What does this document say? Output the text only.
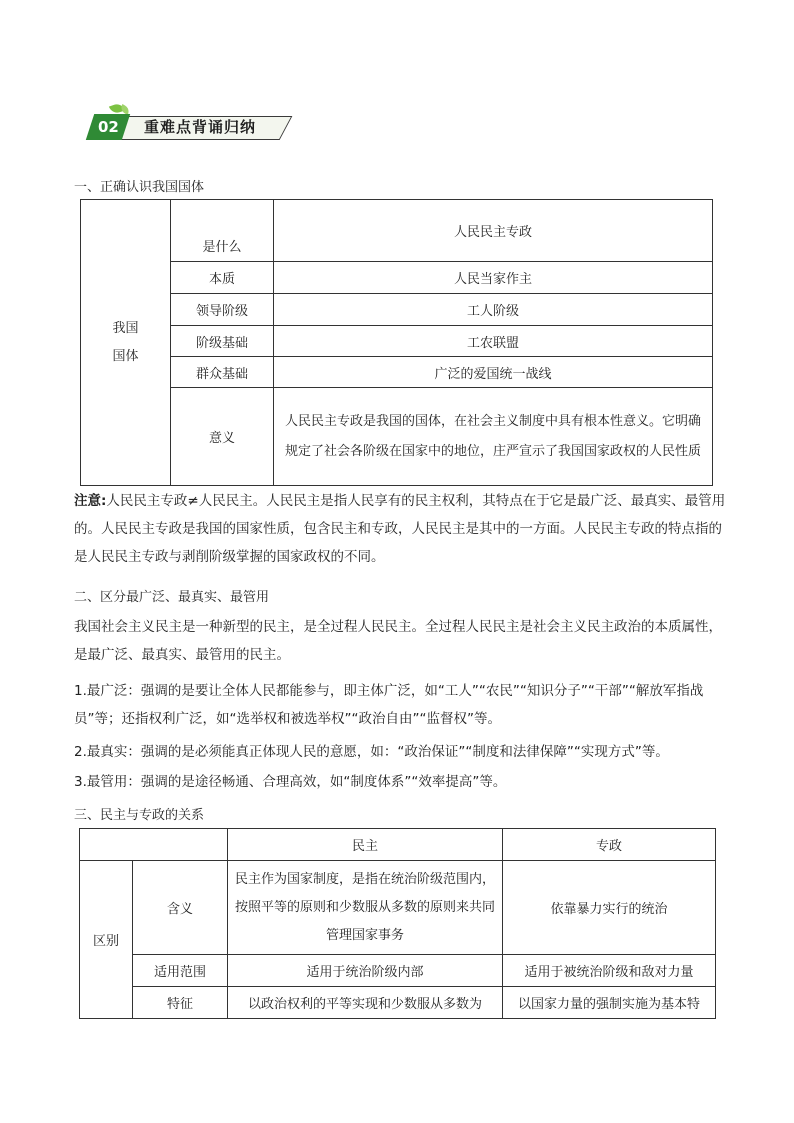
02	重难点背诵归纳
一、正确认识我国国体
我国
国体	是什么	人民民主专政
	本质	人民当家作主
	领导阶级	工人阶级
	阶级基础	工农联盟
	群众基础	广泛的爱国统一战线
	意义	人民民主专政是我国的国体，在社会主义制度中具有根本性意义。它明确规定了社会各阶级在国家中的地位，庄严宣示了我国国家政权的人民性质
注意:人民民主专政≠人民民主。人民民主是指人民享有的民主权利，其特点在于它是最广泛、最真实、最管用的。人民民主专政是我国的国家性质，包含民主和专政，人民民主是其中的一方面。人民民主专政的特点指的是人民民主专政与剥削阶级掌握的国家政权的不同。
二、区分最广泛、最真实、最管用
我国社会主义民主是一种新型的民主，是全过程人民民主。全过程人民民主是社会主义民主政治的本质属性，是最广泛、最真实、最管用的民主。
1.最广泛：强调的是要让全体人民都能参与，即主体广泛，如“工人”“农民”“知识分子”“干部”“解放军指战员”等；还指权利广泛，如“选举权和被选举权”“政治自由”“监督权”等。
2.最真实：强调的是必须能真正体现人民的意愿，如：“政治保证”“制度和法律保障”“实现方式”等。
3.最管用：强调的是途径畅通、合理高效，如“制度体系”“效率提高”等。
三、民主与专政的关系
		民主	专政
区别	含义	民主作为国家制度，是指在统治阶级范围内，按照平等的原则和少数服从多数的原则来共同管理国家事务	依靠暴力实行的统治
	适用范围	适用于统治阶级内部	适用于被统治阶级和敌对力量
	特征	以政治权利的平等实现和少数服从多数为	以国家力量的强制实施为基本特
